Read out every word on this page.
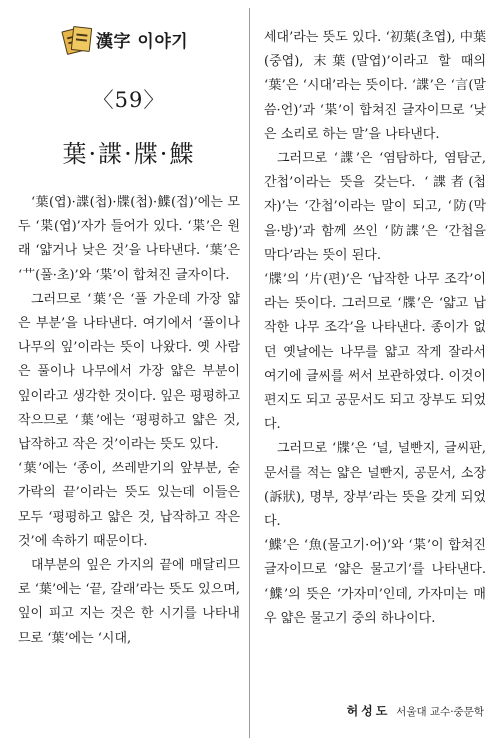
漢字 이야기
〈59〉
葉·諜·牒·鰈

‘葉(엽)·諜(첩)·牒(첩)·鰈(접)’에는 모두 ‘枼(엽)’자가 들어가 있다. ‘枼’은 원래 ‘얇거나 낮은 것’을 나타낸다. ‘葉’은 ‘艹(풀·초)’와 ‘枼’이 합쳐진 글자이다.

그러므로 ‘葉’은 ‘풀 가운데 가장 얇은 부분’을 나타낸다. 여기에서 ‘풀이나 나무의 잎’이라는 뜻이 나왔다. 옛 사람은 풀이나 나무에서 가장 얇은 부분이 잎이라고 생각한 것이다. 잎은 평평하고 작으므로 ‘葉’에는 ‘평평하고 얇은 것, 납작하고 작은 것’이라는 뜻도 있다.

‘葉’에는 ‘종이, 쓰레받기의 앞부분, 숟가락의 끝’이라는 뜻도 있는데 이들은 모두 ‘평평하고 얇은 것, 납작하고 작은 것’에 속하기 때문이다.

대부분의 잎은 가지의 끝에 매달리므로 ‘葉’에는 ‘끝, 갈래’라는 뜻도 있으며, 잎이 피고 지는 것은 한 시기를 나타내므로 ‘葉’에는 ‘시대,

세대’라는 뜻도 있다. ‘初葉(초엽), 中葉(중엽), 末葉(말엽)’이라고 할 때의 ‘葉’은 ‘시대’라는 뜻이다. ‘諜’은 ‘言(말씀·언)’과 ‘枼’이 합쳐진 글자이므로 ‘낮은 소리로 하는 말’을 나타낸다.

그러므로 ‘諜’은 ‘염탐하다, 염탐군, 간첩’이라는 뜻을 갖는다. ‘諜者(첩자)’는 ‘간첩’이라는 말이 되고, ‘防(막을·방)’과 함께 쓰인 ‘防諜’은 ‘간첩을 막다’라는 뜻이 된다.

‘牒’의 ‘片(편)’은 ‘납작한 나무 조각’이라는 뜻이다. 그러므로 ‘牒’은 ‘얇고 납작한 나무 조각’을 나타낸다. 종이가 없던 옛날에는 나무를 얇고 작게 잘라서 여기에 글씨를 써서 보관하였다. 이것이 편지도 되고 공문서도 되고 장부도 되었다.

그러므로 ‘牒’은 ‘널, 널빤지, 글씨판, 문서를 적는 얇은 널빤지, 공문서, 소장(訴狀), 명부, 장부’라는 뜻을 갖게 되었다.

‘鰈’은 ‘魚(물고기·어)’와 ‘枼’이 합쳐진 글자이므로 ‘얇은 물고기’를 나타낸다. ‘鰈’의 뜻은 ‘가자미’인데, 가자미는 매우 얇은 물고기 중의 하나이다.

허성도 서울대 교수·중문학
